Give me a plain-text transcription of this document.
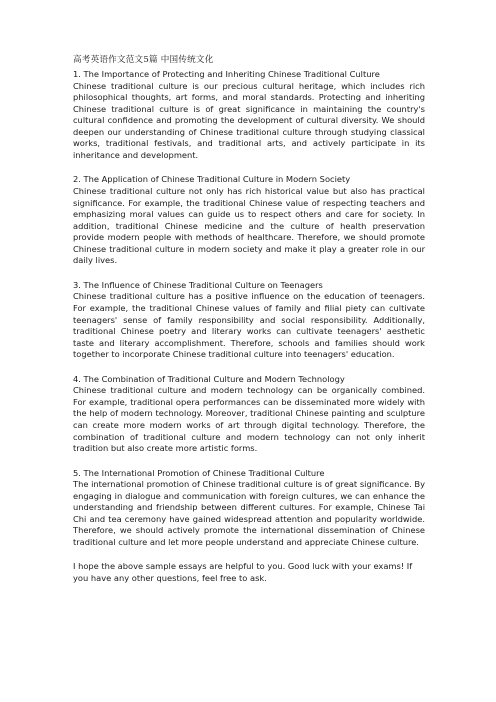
高考英语作文范文5篇 中国传统文化
1. The Importance of Protecting and Inheriting Chinese Traditional Culture
Chinese traditional culture is our precious cultural heritage, which includes rich philosophical thoughts, art forms, and moral standards. Protecting and inheriting Chinese traditional culture is of great significance in maintaining the country's cultural confidence and promoting the development of cultural diversity. We should deepen our understanding of Chinese traditional culture through studying classical works, traditional festivals, and traditional arts, and actively participate in its inheritance and development.
2. The Application of Chinese Traditional Culture in Modern Society
Chinese traditional culture not only has rich historical value but also has practical significance. For example, the traditional Chinese value of respecting teachers and emphasizing moral values can guide us to respect others and care for society. In addition, traditional Chinese medicine and the culture of health preservation provide modern people with methods of healthcare. Therefore, we should promote Chinese traditional culture in modern society and make it play a greater role in our daily lives.
3. The Influence of Chinese Traditional Culture on Teenagers
Chinese traditional culture has a positive influence on the education of teenagers. For example, the traditional Chinese values of family and filial piety can cultivate teenagers' sense of family responsibility and social responsibility. Additionally, traditional Chinese poetry and literary works can cultivate teenagers' aesthetic taste and literary accomplishment. Therefore, schools and families should work together to incorporate Chinese traditional culture into teenagers' education.
4. The Combination of Traditional Culture and Modern Technology
Chinese traditional culture and modern technology can be organically combined. For example, traditional opera performances can be disseminated more widely with the help of modern technology. Moreover, traditional Chinese painting and sculpture can create more modern works of art through digital technology. Therefore, the combination of traditional culture and modern technology can not only inherit tradition but also create more artistic forms.
5. The International Promotion of Chinese Traditional Culture
The international promotion of Chinese traditional culture is of great significance. By engaging in dialogue and communication with foreign cultures, we can enhance the understanding and friendship between different cultures. For example, Chinese Tai Chi and tea ceremony have gained widespread attention and popularity worldwide. Therefore, we should actively promote the international dissemination of Chinese traditional culture and let more people understand and appreciate Chinese culture.
I hope the above sample essays are helpful to you. Good luck with your exams! If you have any other questions, feel free to ask.
